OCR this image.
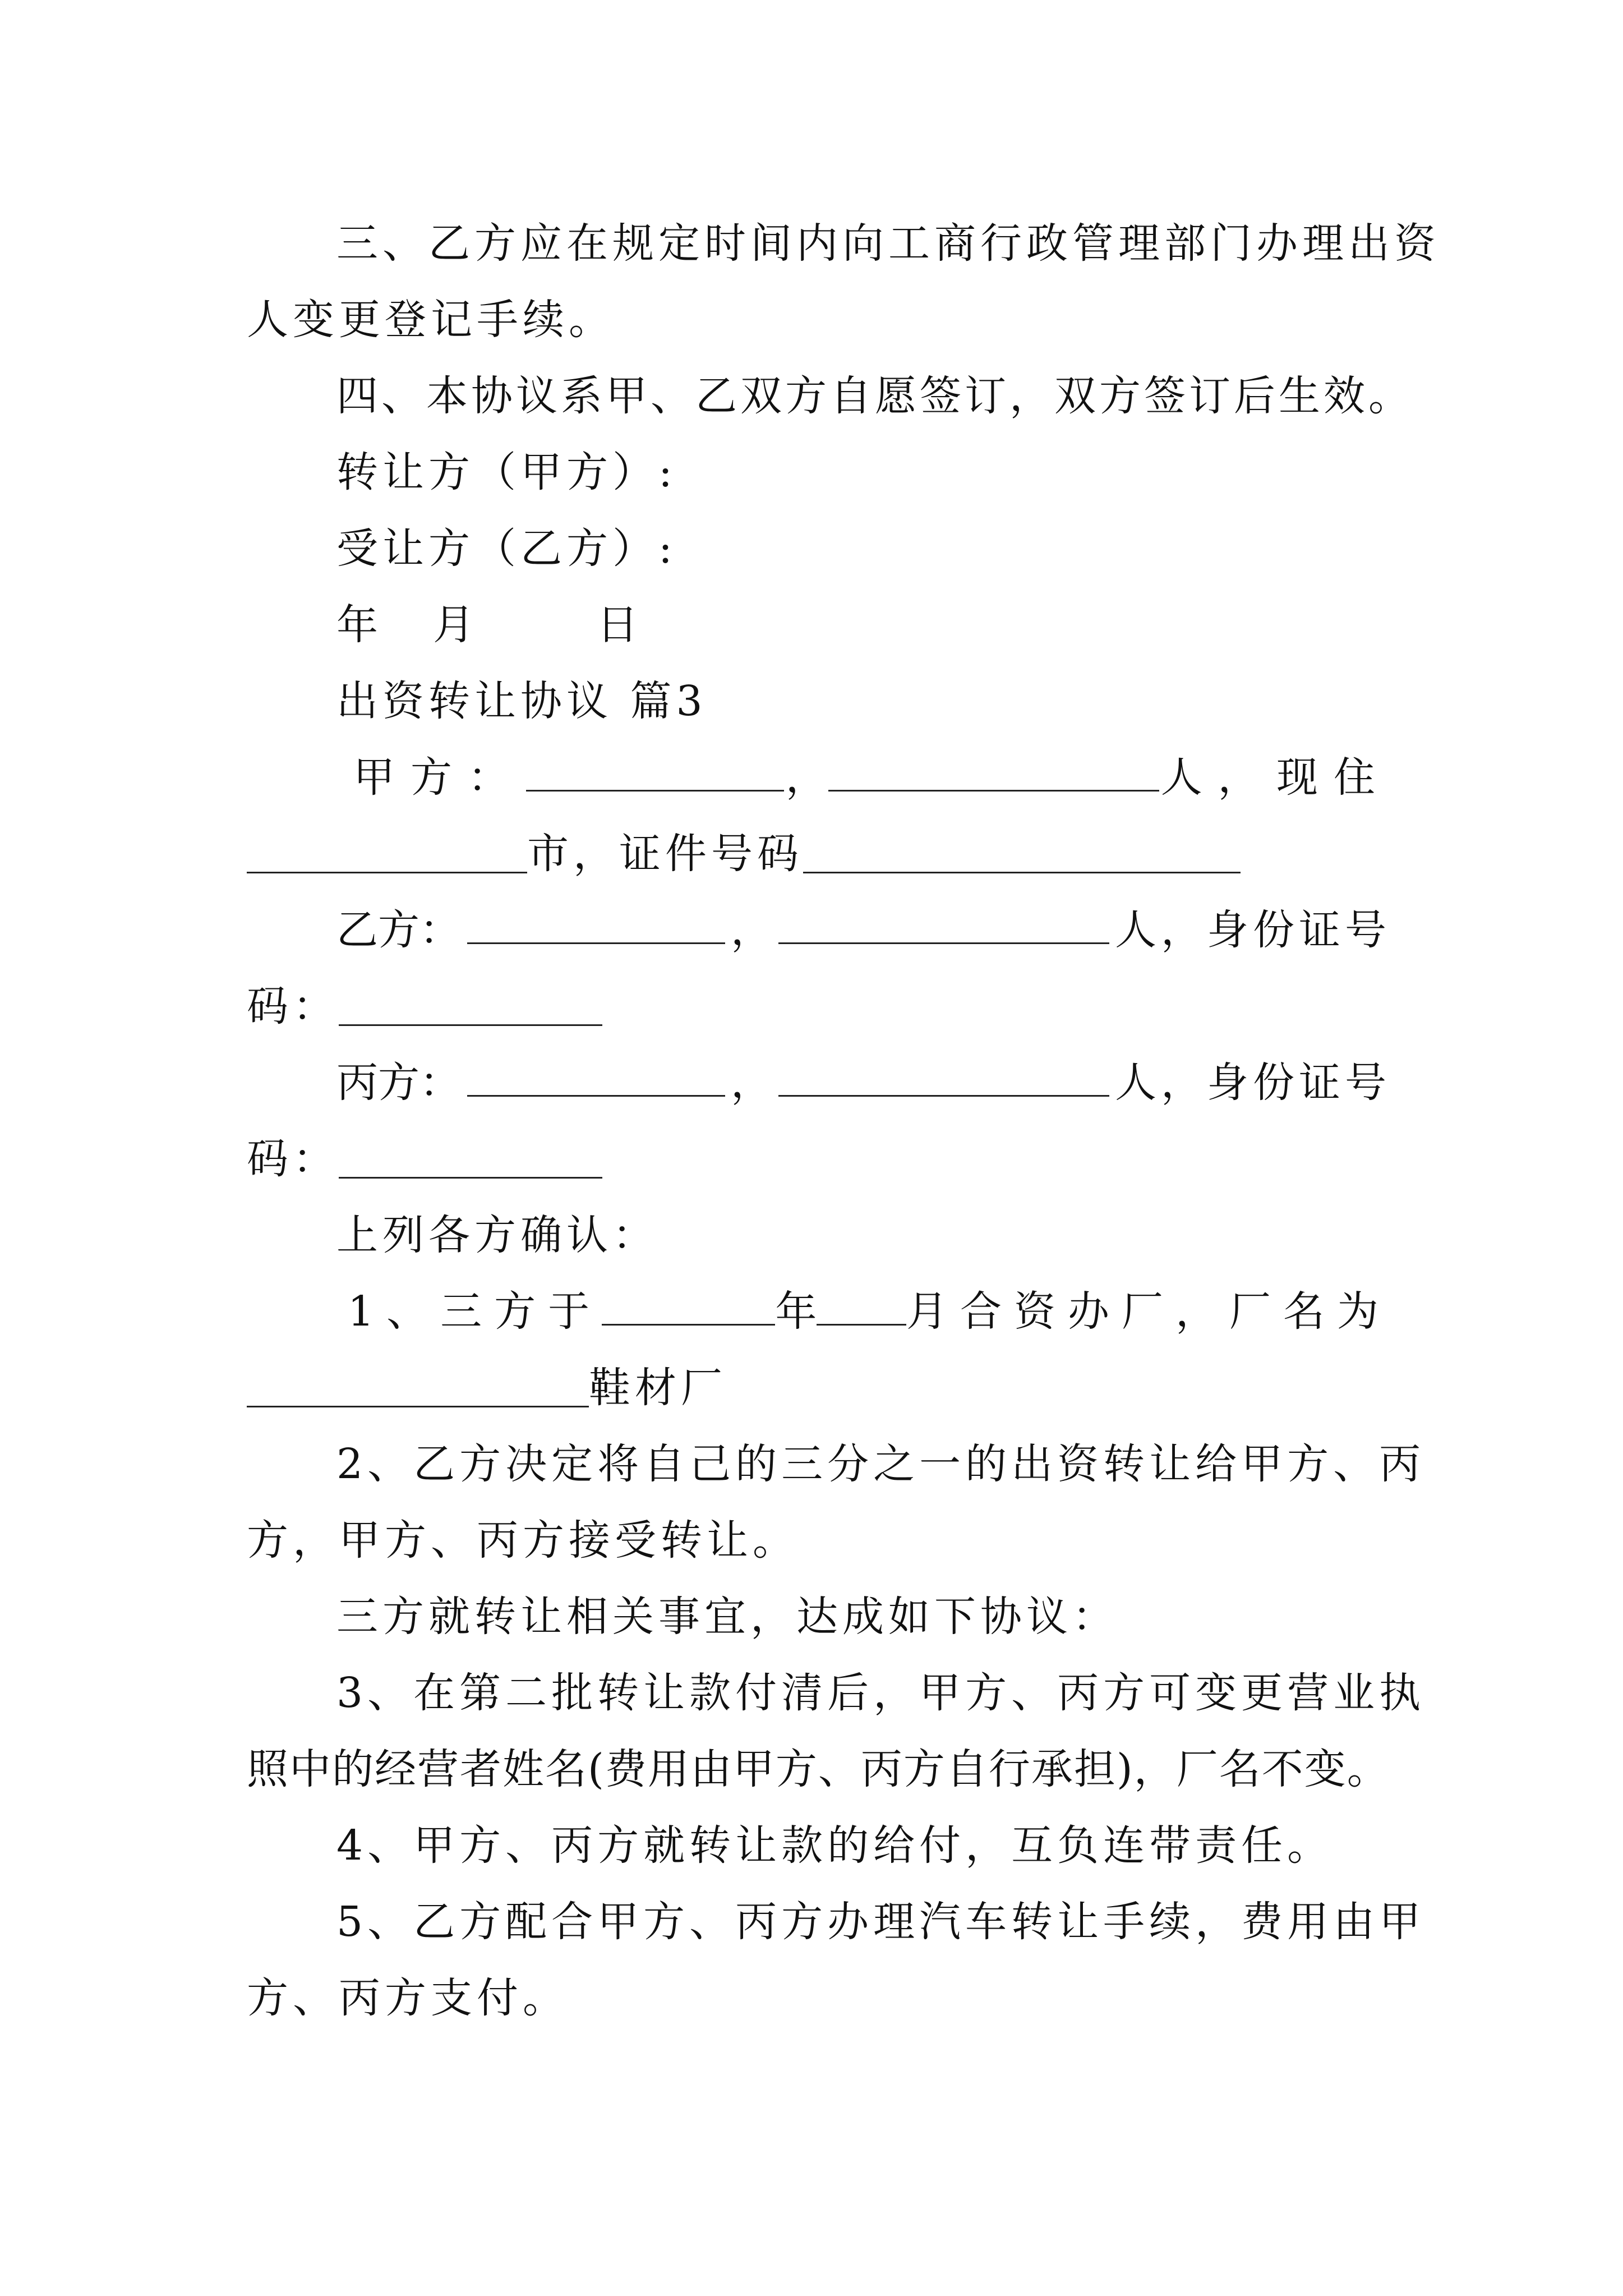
三、乙方应在规定时间内向工商行政管理部门办理出资
人变更登记手续。
四、本协议系甲、乙双方自愿签订，双方签订后生效。
转让方（甲方）:
受让方（乙方）:
年 月	日
出资转让协议 篇3
甲方：	，	人， 现住
市，证件号码
乙方：	，	人，身份证号
码：
丙方：	，	人，身份证号
码：
上列各方确认：
1、三方于	年 月合资办厂，厂名为
鞋材厂
2、乙方决定将自己的三分之一的出资转让给甲方、丙
方，甲方、丙方接受转让。
三方就转让相关事宜，达成如下协议：
3、在第二批转让款付清后，甲方、丙方可变更营业执
照中的经营者姓名(费用由甲方、丙方自行承担)，厂名不变。
4、甲方、丙方就转让款的给付，互负连带责任。
5、乙方配合甲方、丙方办理汽车转让手续，费用由甲
方、丙方支付。
